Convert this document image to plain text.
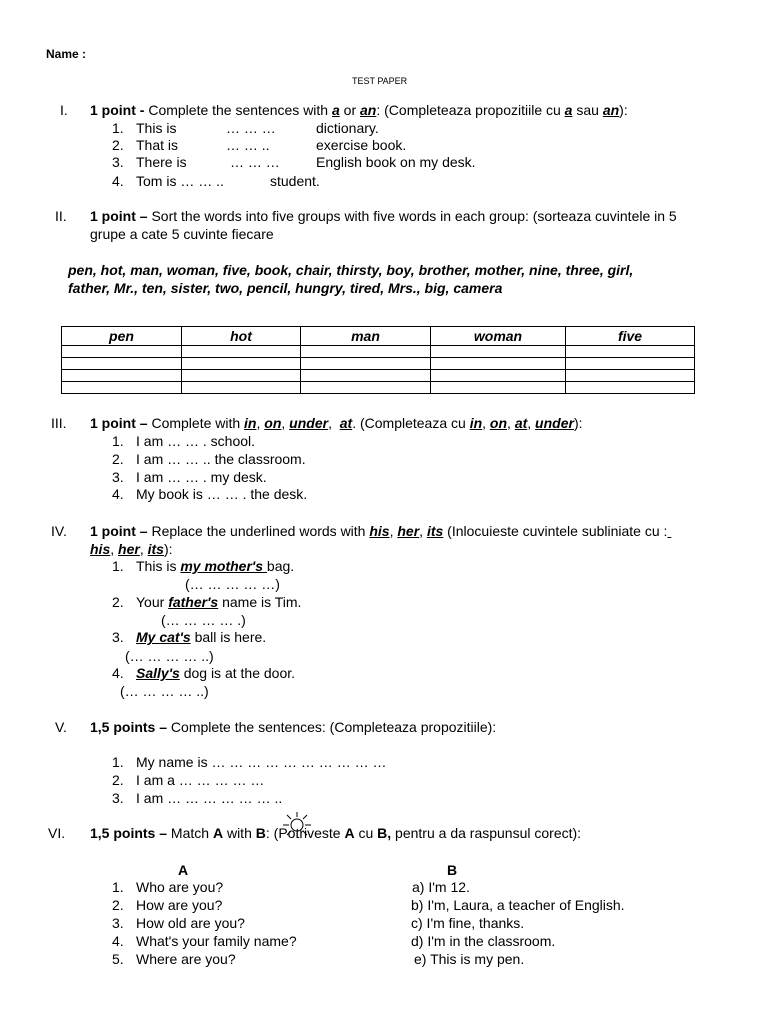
Name :
TEST PAPER
I. 1 point - Complete the sentences with a or an: (Completeaza propozitiile cu a sau an):
1. This is	… … …	dictionary.
2. That is	… … ..	exercise book.
3. There is	… … …	English book on my desk.
4. Tom is … … ..	student.
II. 1 point – Sort the words into five groups with five words in each group: (sorteaza cuvintele in 5
grupe a cate 5 cuvinte fiecare
pen, hot, man, woman, five, book, chair, thirsty, boy, brother, mother, nine, three, girl,
father, Mr., ten, sister, two, pencil, hungry, tired, Mrs., big, camera
pen	hot	man	woman	five

III. 1 point – Complete with in, on, under,  at. (Completeaza cu in, on, at, under):
1. I am … … . school.
2. I am … … .. the classroom.
3. I am … … . my desk.
4. My book is … … . the desk.
IV. 1 point – Replace the underlined words with his, her, its (Inlocuieste cuvintele subliniate cu :
his, her, its):
1. This is my mother's bag.
(… … … … …)
2. Your father's name is Tim.
(… … … … .)
3. My cat's ball is here.
(… … … … ..)
4. Sally's dog is at the door.
(… … … … ..)
V. 1,5 points – Complete the sentences: (Completeaza propozitiile):
1. My name is … … … … … … … … … …
2. I am a … … … … …
3. I am … … … … … … ..
VI. 1,5 points – Match A with B: (Potriveste A cu B, pentru a da raspunsul corect):
A	B
1. Who are you?	a) I'm 12.
2. How are you?	b) I'm, Laura, a teacher of English.
3. How old are you?	c) I'm fine, thanks.
4. What's your family name?	d) I'm in the classroom.
5. Where are you?	e) This is my pen.
